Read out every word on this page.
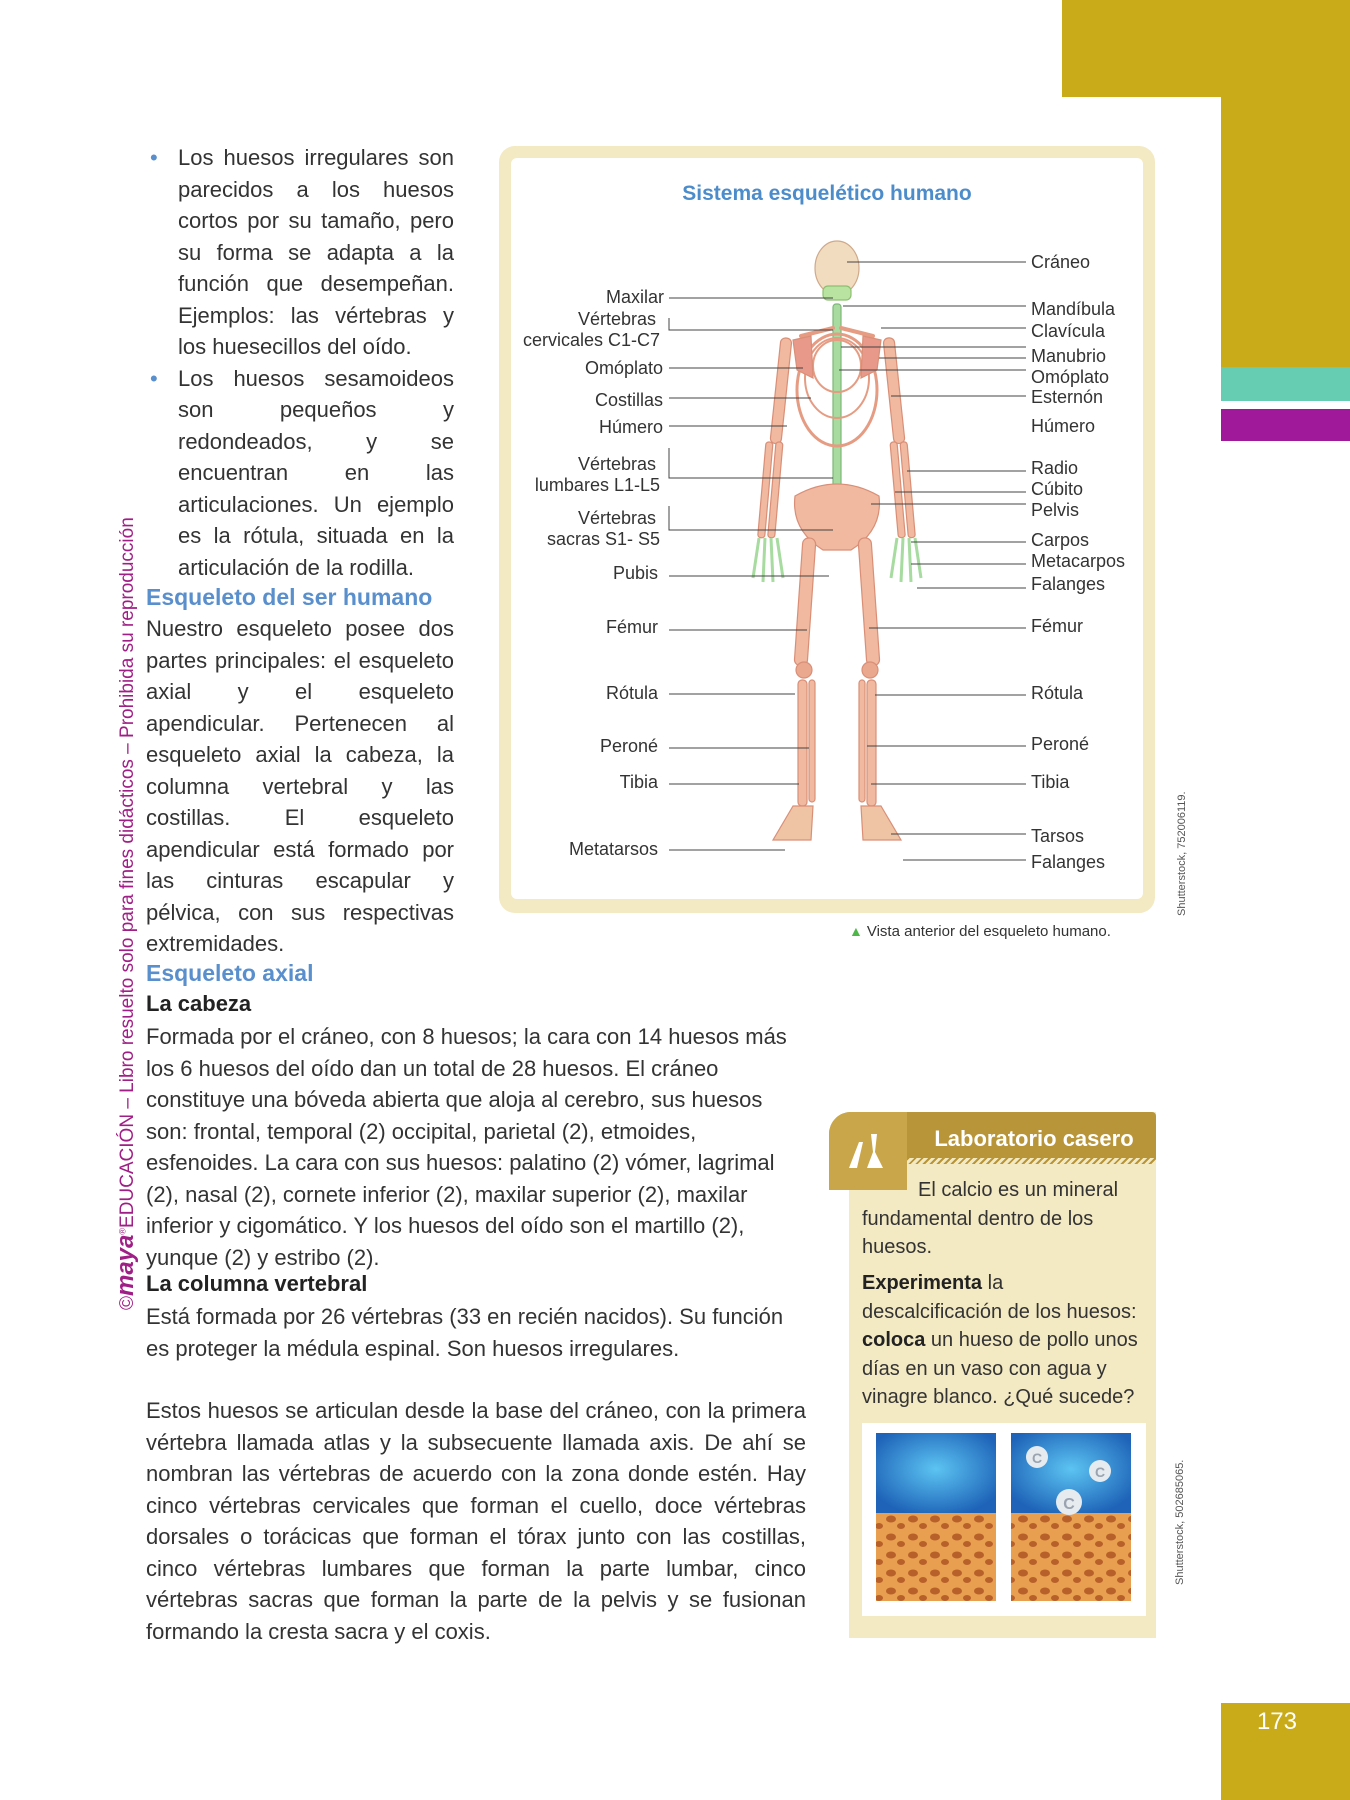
173
©maya®EDUCACIÓN – Libro resuelto solo para fines didácticos – Prohibida su reproducción
• Los huesos irregulares son parecidos a los huesos cortos por su tamaño, pero su forma se adapta a la función que desempeñan. Ejemplos: las vértebras y los huesecillos del oído.
• Los huesos sesamoideos son pequeños y redondeados, y se encuentran en las articulaciones. Un ejemplo es la rótula, situada en la articulación de la rodilla.
Esqueleto del ser humano
Nuestro esqueleto posee dos partes principales: el esqueleto axial y el esqueleto apendicular. Pertenecen al esqueleto axial la cabeza, la columna vertebral y las costillas. El esqueleto apendicular está formado por las cinturas escapular y pélvica, con sus respectivas extremidades.
Sistema esquelético humano
Maxilar
Vértebras
cervicales C1-C7
Omóplato
Costillas
Húmero
Vértebras
lumbares L1-L5
Vértebras
sacras S1- S5
Pubis
Fémur
Rótula
Peroné
Tibia
Metatarsos
Cráneo
Mandíbula
Clavícula
Manubrio
Omóplato
Esternón
Húmero
Radio
Cúbito
Pelvis
Carpos
Metacarpos
Falanges
Fémur
Rótula
Peroné
Tibia
Tarsos
Falanges	Shutterstock, 752006119.
▲ Vista anterior del esqueleto humano.
Esqueleto axial
La cabeza
Formada por el cráneo, con 8 huesos; la cara con 14 huesos más los 6 huesos del oído dan un total de 28 huesos. El cráneo constituye una bóveda abierta que aloja al cerebro, sus huesos son: frontal, temporal (2) occipital, parietal (2), etmoides, esfenoides. La cara con sus huesos: palatino (2) vómer, lagrimal (2), nasal (2), cornete inferior (2), maxilar superior (2), maxilar inferior y cigomático. Y los huesos del oído son el martillo (2), yunque (2) y estribo (2).
La columna vertebral
Está formada por 26 vértebras (33 en recién nacidos). Su función es proteger la médula espinal. Son huesos irregulares.
Estos huesos se articulan desde la base del cráneo, con la primera vértebra llamada atlas y la subsecuente llamada axis. De ahí se nombran las vértebras de acuerdo con la zona donde estén. Hay cinco vértebras cervicales que forman el cuello, doce vértebras dorsales o torácicas que forman el tórax junto con las costillas, cinco vértebras lumbares que forman la parte lumbar, cinco vértebras sacras que forman la parte de la pelvis y se fusionan formando la cresta sacra y el coxis.
Laboratorio casero
El calcio es un mineral fundamental dentro de los huesos.
Experimenta la descalcificación de los huesos: coloca un hueso de pollo unos días en un vaso con agua y vinagre blanco. ¿Qué sucede?
C
C
C	Shutterstock, 502685065.
